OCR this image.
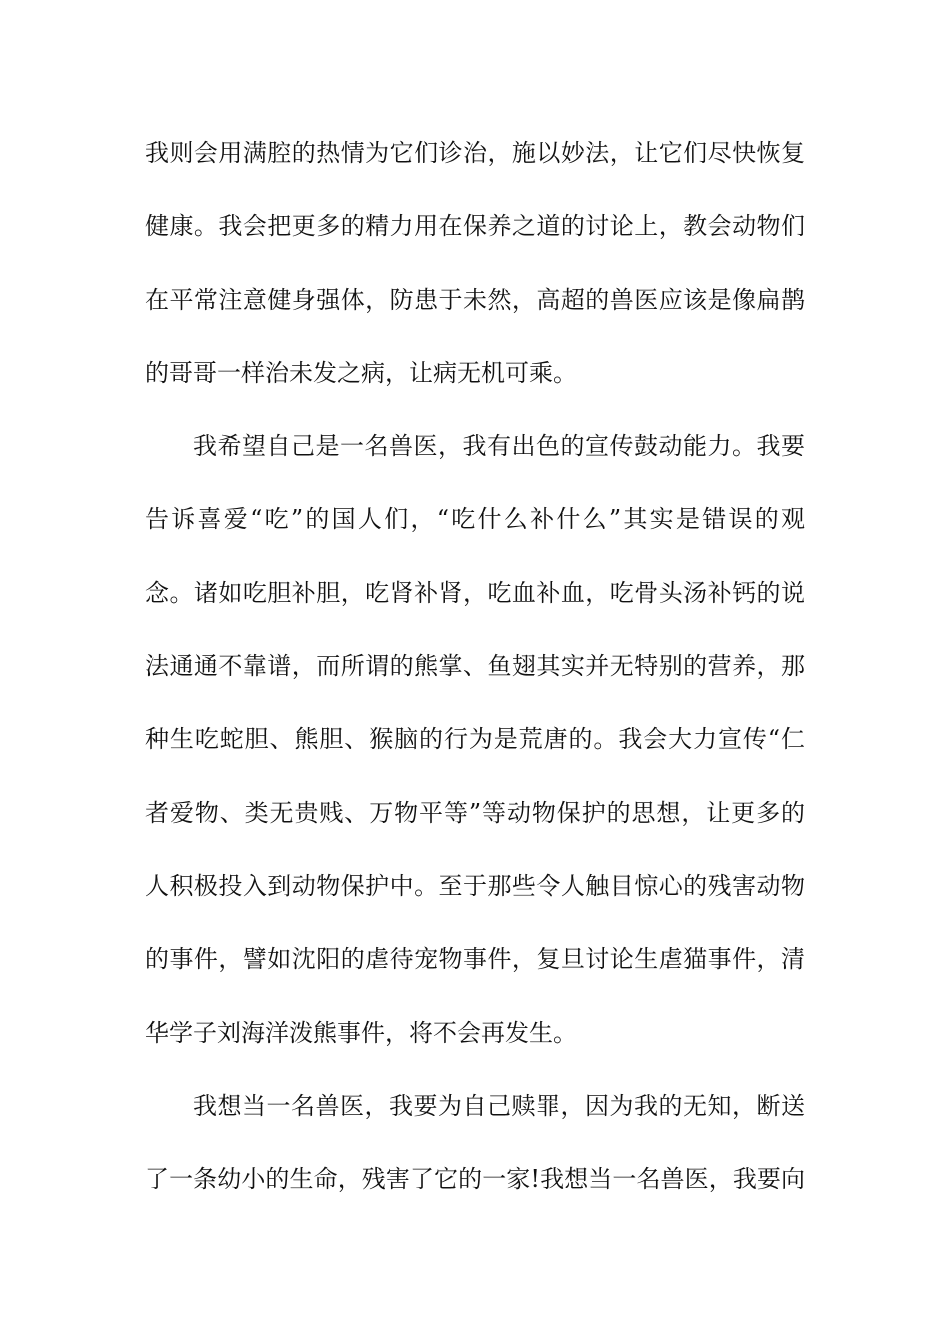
我则会用满腔的热情为它们诊治，施以妙法，让它们尽快恢复
健康。我会把更多的精力用在保养之道的讨论上，教会动物们
在平常注意健身强体，防患于未然，高超的兽医应该是像扁鹊
的哥哥一样治未发之病，让病无机可乘。
我希望自己是一名兽医，我有出色的宣传鼓动能力。我要
告诉喜爱“吃”的国人们，“吃什么补什么”其实是错误的观
念。诸如吃胆补胆，吃肾补肾，吃血补血，吃骨头汤补钙的说
法通通不靠谱，而所谓的熊掌、鱼翅其实并无特别的营养，那
种生吃蛇胆、熊胆、猴脑的行为是荒唐的。我会大力宣传“仁
者爱物、类无贵贱、万物平等”等动物保护的思想，让更多的
人积极投入到动物保护中。至于那些令人触目惊心的残害动物
的事件，譬如沈阳的虐待宠物事件，复旦讨论生虐猫事件，清
华学子刘海洋泼熊事件，将不会再发生。
我想当一名兽医，我要为自己赎罪，因为我的无知，断送
了一条幼小的生命，残害了它的一家!我想当一名兽医，我要向
